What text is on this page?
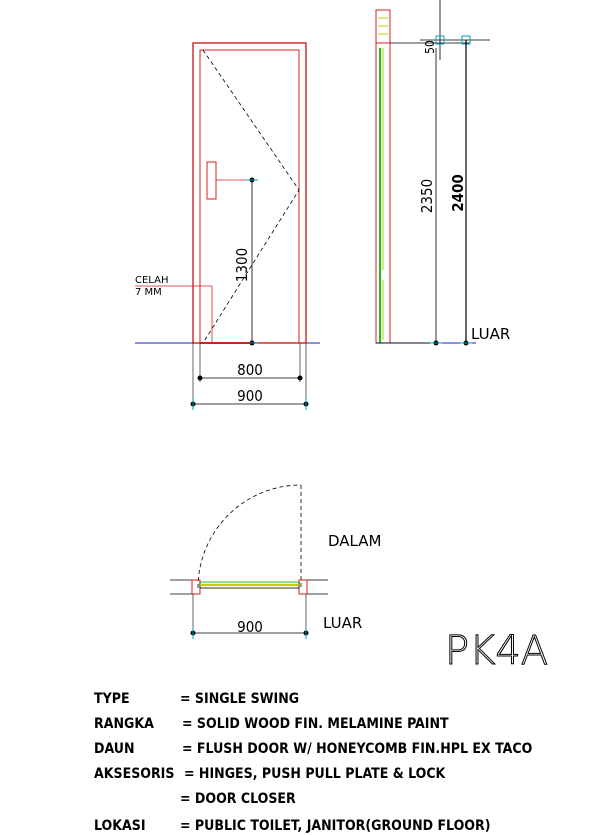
1300
800
900
CELAH
7 MM
50
2350 2400
LUAR
900
DALAM
LUAR
PK4A
TYPE	= SINGLE SWING
RANGKA = SOLID WOOD FIN. MELAMINE PAINT
DAUN	= FLUSH DOOR W/ HONEYCOMB FIN.HPL EX TACO
AKSESORIS = HINGES, PUSH PULL PLATE & LOCK
= DOOR CLOSER
LOKASI = PUBLIC TOILET, JANITOR(GROUND FLOOR)
